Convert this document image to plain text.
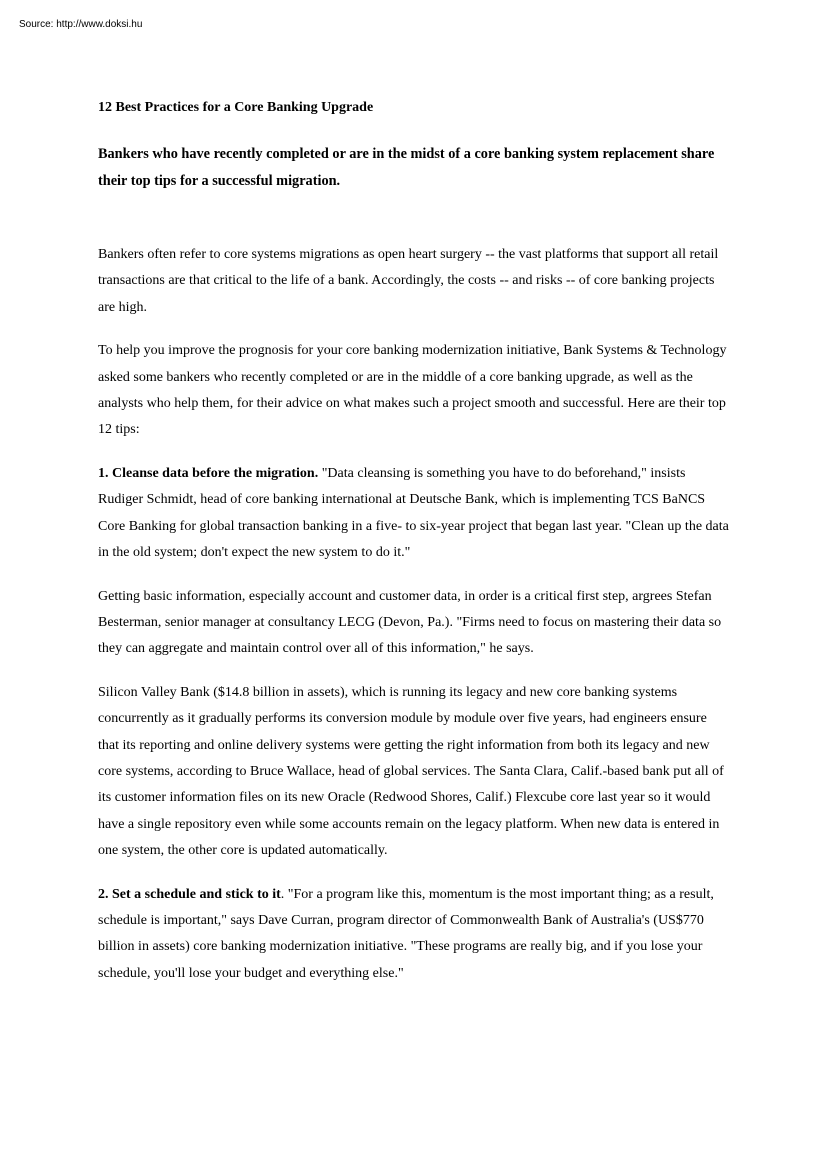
Source: http://www.doksi.hu

12 Best Practices for a Core Banking Upgrade

Bankers who have recently completed or are in the midst of a core banking system replacement share their top tips for a successful migration.

Bankers often refer to core systems migrations as open heart surgery -- the vast platforms that support all retail transactions are that critical to the life of a bank. Accordingly, the costs -- and risks -- of core banking projects are high.

To help you improve the prognosis for your core banking modernization initiative, Bank Systems & Technology asked some bankers who recently completed or are in the middle of a core banking upgrade, as well as the analysts who help them, for their advice on what makes such a project smooth and successful. Here are their top 12 tips:

1. Cleanse data before the migration. "Data cleansing is something you have to do beforehand," insists Rudiger Schmidt, head of core banking international at Deutsche Bank, which is implementing TCS BaNCS Core Banking for global transaction banking in a five- to six-year project that began last year. "Clean up the data in the old system; don't expect the new system to do it."

Getting basic information, especially account and customer data, in order is a critical first step, argrees Stefan Besterman, senior manager at consultancy LECG (Devon, Pa.). "Firms need to focus on mastering their data so they can aggregate and maintain control over all of this information," he says.

Silicon Valley Bank ($14.8 billion in assets), which is running its legacy and new core banking systems concurrently as it gradually performs its conversion module by module over five years, had engineers ensure that its reporting and online delivery systems were getting the right information from both its legacy and new core systems, according to Bruce Wallace, head of global services. The Santa Clara, Calif.-based bank put all of its customer information files on its new Oracle (Redwood Shores, Calif.) Flexcube core last year so it would have a single repository even while some accounts remain on the legacy platform. When new data is entered in one system, the other core is updated automatically.

2. Set a schedule and stick to it. "For a program like this, momentum is the most important thing; as a result, schedule is important," says Dave Curran, program director of Commonwealth Bank of Australia's (US$770 billion in assets) core banking modernization initiative. "These programs are really big, and if you lose your schedule, you'll lose your budget and everything else."
